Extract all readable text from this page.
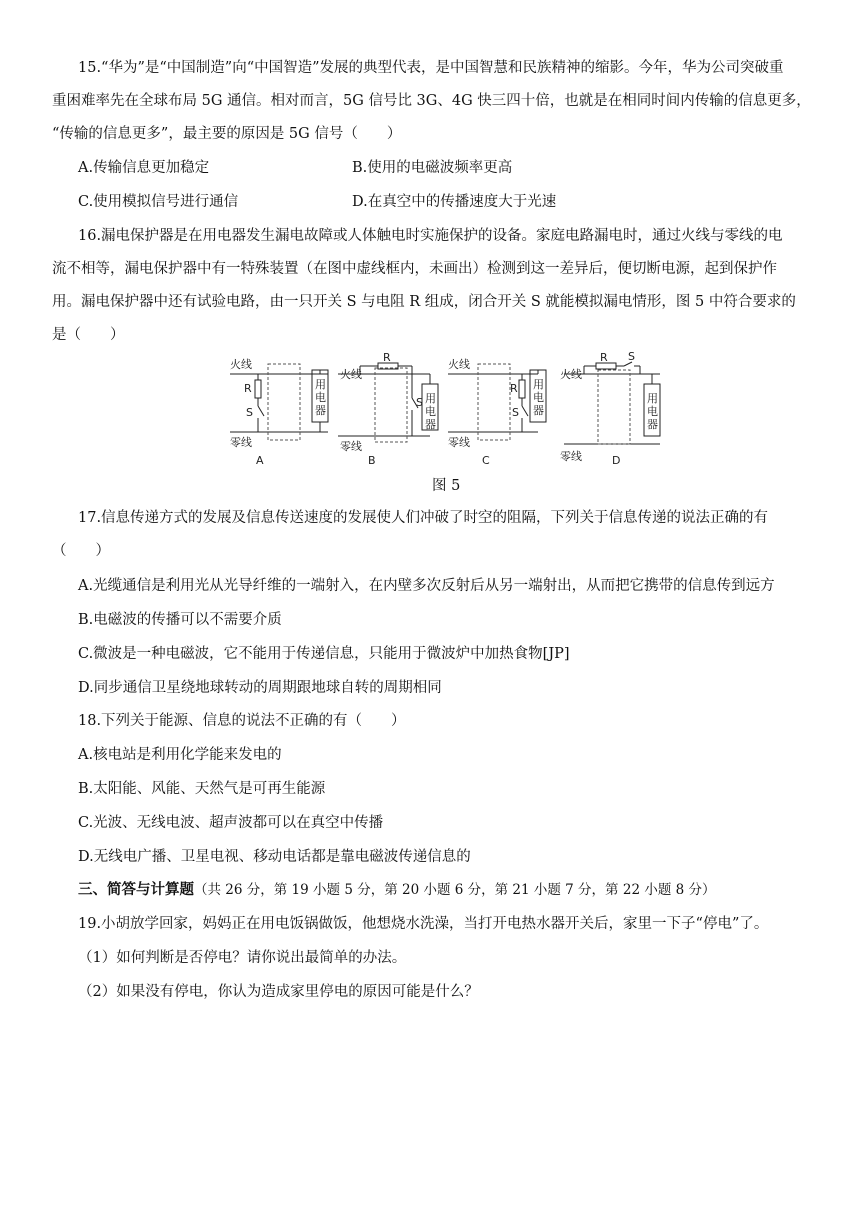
15.“华为”是“中国制造”向“中国智造”发展的典型代表，是中国智慧和民族精神的缩影。今年，华为公司突破重
重困难率先在全球布局 5G 通信。相对而言，5G 信号比 3G、4G 快三四十倍，也就是在相同时间内传输的信息更多，
“传输的信息更多”，最主要的原因是 5G 信号（　　）
A.传输信息更加稳定	B.使用的电磁波频率更高
C.使用模拟信号进行通信	D.在真空中的传播速度大于光速
16.漏电保护器是在用电器发生漏电故障或人体触电时实施保护的设备。家庭电路漏电时，通过火线与零线的电
流不相等，漏电保护器中有一特殊装置（在图中虚线框内，未画出）检测到这一差异后，便切断电源，起到保护作
用。漏电保护器中还有试验电路，由一只开关 S 与电阻 R 组成，闭合开关 S 就能模拟漏电情形，图 5 中符合要求的
是（　　）
火线
零线
R
S
A
火线
零线
R
S
B
火线
零线
R
S
C
火线
零线
R S
D
用电器
用电器
用电器
用电器
图 5
17.信息传递方式的发展及信息传送速度的发展使人们冲破了时空的阻隔，下列关于信息传递的说法正确的有
（　　）
A.光缆通信是利用光从光导纤维的一端射入，在内壁多次反射后从另一端射出，从而把它携带的信息传到远方
B.电磁波的传播可以不需要介质
C.微波是一种电磁波，它不能用于传递信息，只能用于微波炉中加热食物[JP]
D.同步通信卫星绕地球转动的周期跟地球自转的周期相同
18.下列关于能源、信息的说法不正确的有（　　）
A.核电站是利用化学能来发电的
B.太阳能、风能、天然气是可再生能源
C.光波、无线电波、超声波都可以在真空中传播
D.无线电广播、卫星电视、移动电话都是靠电磁波传递信息的
三、简答与计算题（共 26 分，第 19 小题 5 分，第 20 小题 6 分，第 21 小题 7 分，第 22 小题 8 分）
19.小胡放学回家，妈妈正在用电饭锅做饭，他想烧水洗澡，当打开电热水器开关后，家里一下子“停电”了。
（1）如何判断是否停电？请你说出最简单的办法。
（2）如果没有停电，你认为造成家里停电的原因可能是什么？
